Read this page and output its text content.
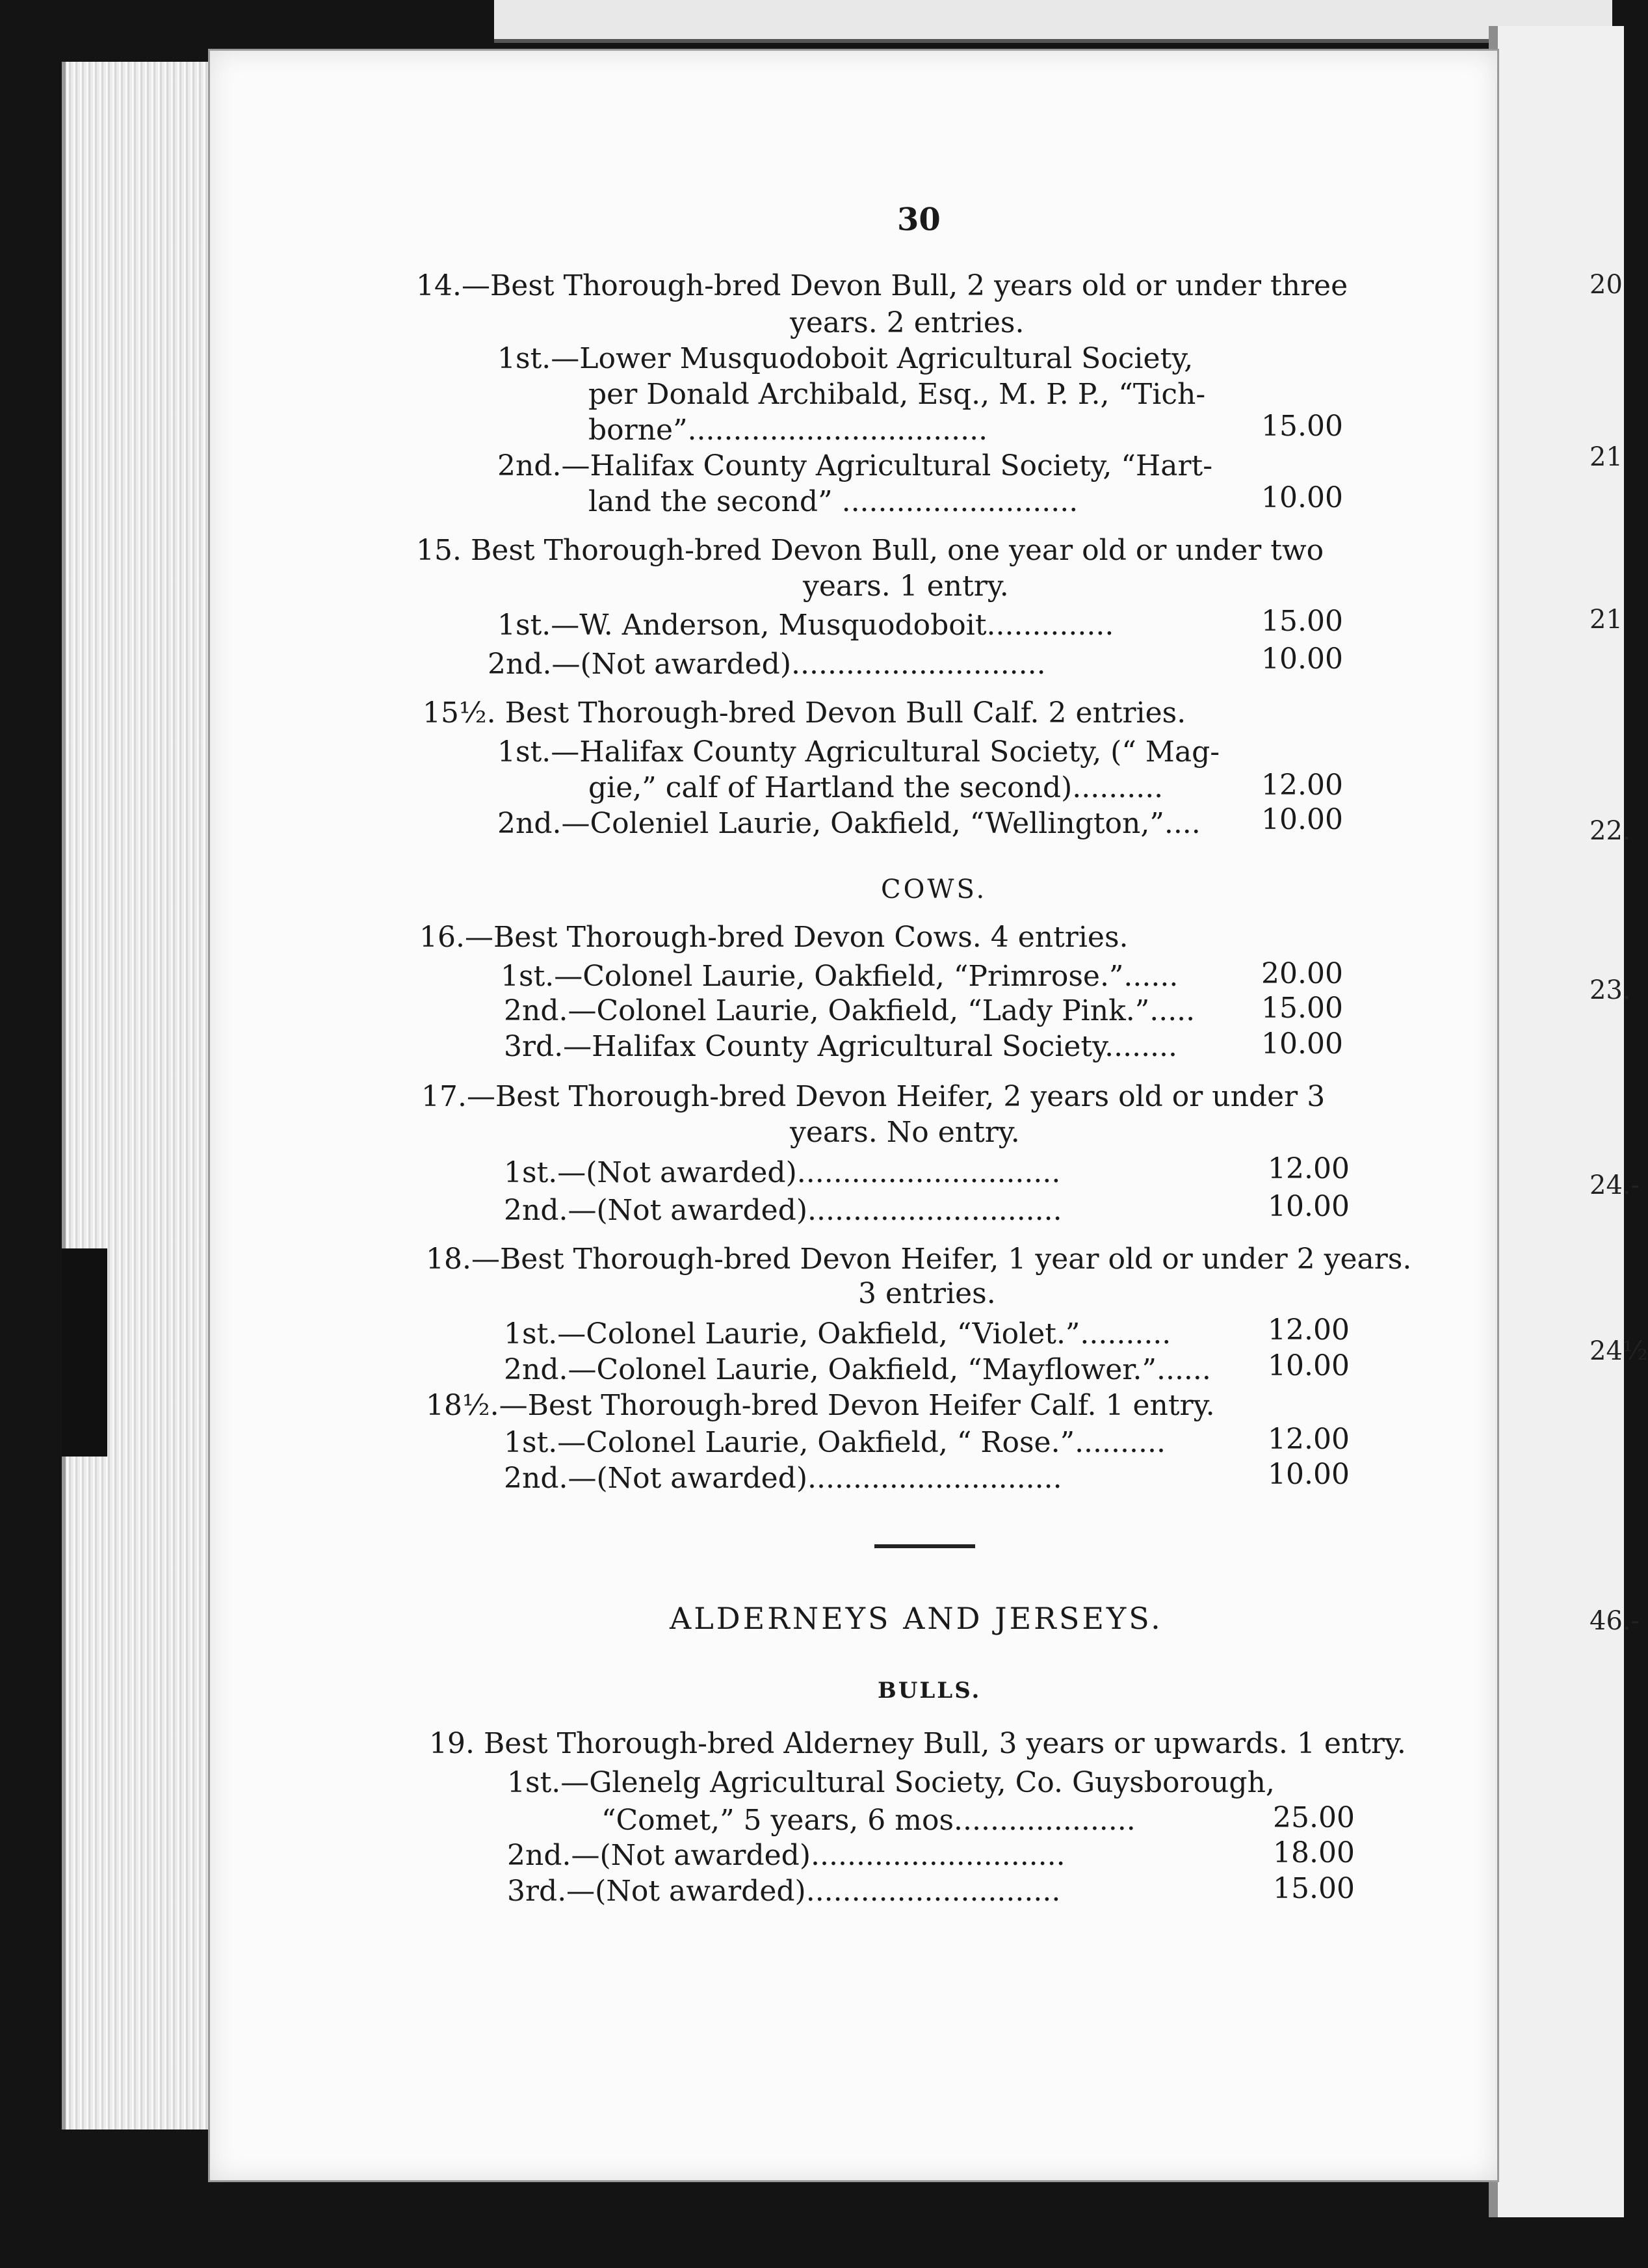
20
21
21
22.
23.
24.-
24½
46.-
30
14.—Best Thorough-bred Devon Bull, 2 years old or under three
years. 2 entries.
1st.—Lower Musquodoboit Agricultural Society,
per Donald Archibald, Esq., M. P. P., “Tich-
borne”.................................	15.00
2nd.—Halifax County Agricultural Society, “Hart-
land the second” ..........................	10.00
15. Best Thorough-bred Devon Bull, one year old or under two
years. 1 entry.
1st.—W. Anderson, Musquodoboit..............	15.00
2nd.—(Not awarded)............................	10.00
15½. Best Thorough-bred Devon Bull Calf. 2 entries.
1st.—Halifax County Agricultural Society, (“ Mag-
gie,” calf of Hartland the second)..........	12.00
2nd.—Coleniel Laurie, Oakfield, “Wellington,”.... 10.00
COWS.
16.—Best Thorough-bred Devon Cows. 4 entries.
1st.—Colonel Laurie, Oakfield, “Primrose.”......	20.00
2nd.—Colonel Laurie, Oakfield, “Lady Pink.”..... 15.00
3rd.—Halifax County Agricultural Society........	10.00
17.—Best Thorough-bred Devon Heifer, 2 years old or under 3
years. No entry.
1st.—(Not awarded).............................	12.00
2nd.—(Not awarded)............................	10.00
18.—Best Thorough-bred Devon Heifer, 1 year old or under 2 years.
3 entries.
1st.—Colonel Laurie, Oakfield, “Violet.”..........	12.00
2nd.—Colonel Laurie, Oakfield, “Mayflower.”...... 10.00
18½.—Best Thorough-bred Devon Heifer Calf. 1 entry.
1st.—Colonel Laurie, Oakfield, “ Rose.”..........	12.00
2nd.—(Not awarded)............................	10.00
ALDERNEYS AND JERSEYS.
BULLS.
19. Best Thorough-bred Alderney Bull, 3 years or upwards. 1 entry.
1st.—Glenelg Agricultural Society, Co. Guysborough,
“Comet,” 5 years, 6 mos....................	25.00
2nd.—(Not awarded)............................	18.00
3rd.—(Not awarded)............................	15.00
